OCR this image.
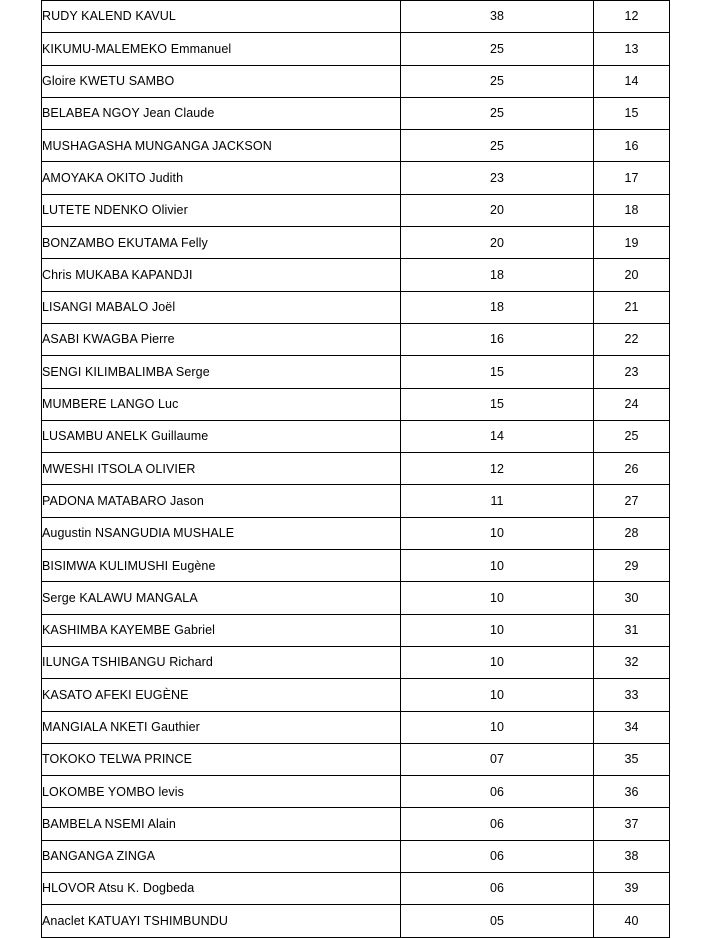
RUDY KALEND KAVUL	38	12
KIKUMU-MALEMEKO Emmanuel	25	13
Gloire KWETU SAMBO	25	14
BELABEA NGOY Jean Claude	25	15
MUSHAGASHA MUNGANGA JACKSON	25	16
AMOYAKA OKITO Judith	23	17
LUTETE NDENKO Olivier	20	18
BONZAMBO EKUTAMA Felly	20	19
Chris MUKABA KAPANDJI	18	20
LISANGI MABALO Joël	18	21
ASABI KWAGBA Pierre	16	22
SENGI KILIMBALIMBA Serge	15	23
MUMBERE LANGO Luc	15	24
LUSAMBU ANELK Guillaume	14	25
MWESHI ITSOLA OLIVIER	12	26
PADONA MATABARO Jason	11	27
Augustin NSANGUDIA MUSHALE	10	28
BISIMWA KULIMUSHI Eugène	10	29
Serge KALAWU MANGALA	10	30
KASHIMBA KAYEMBE Gabriel	10	31
ILUNGA TSHIBANGU Richard	10	32
KASATO AFEKI EUGÈNE	10	33
MANGIALA NKETI Gauthier	10	34
TOKOKO TELWA PRINCE	07	35
LOKOMBE YOMBO levis	06	36
BAMBELA NSEMI Alain	06	37
BANGANGA ZINGA	06	38
HLOVOR Atsu K. Dogbeda	06	39
Anaclet KATUAYI TSHIMBUNDU	05	40
